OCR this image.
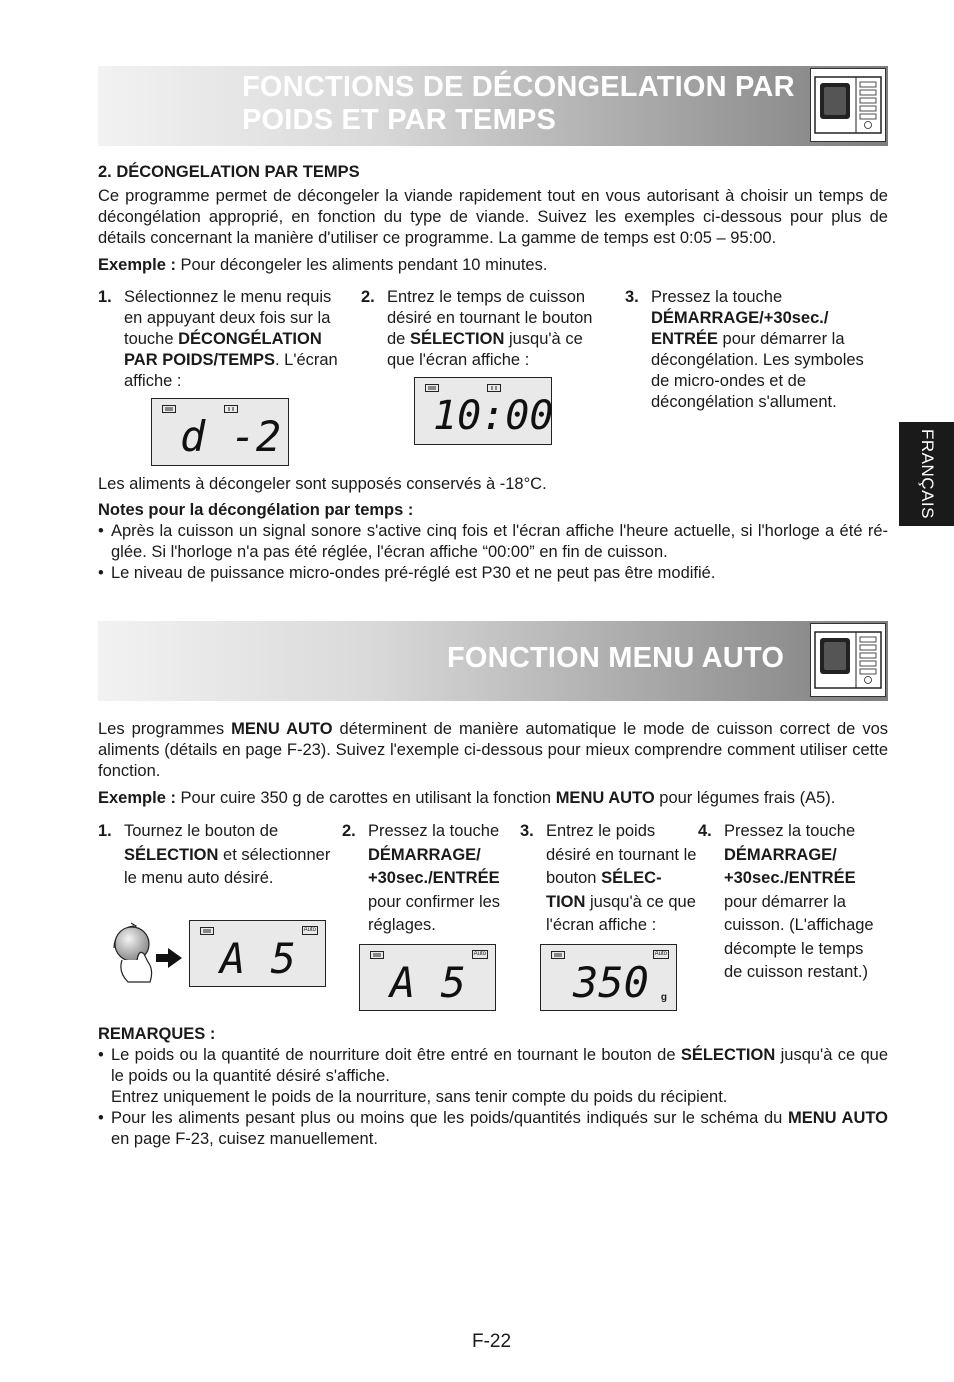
FONCTIONS DE DÉCONGELATION PAR
POIDS ET PAR TEMPS
2. DÉCONGELATION PAR TEMPS
Ce programme permet de décongeler la viande rapidement tout en vous autorisant à choisir un temps de décongélation approprié, en fonction du type de viande. Suivez les exemples ci-dessous pour plus de détails concernant la manière d'utiliser ce programme. La gamme de temps est 0:05 – 95:00.
Exemple : Pour décongeler les aliments pendant 10 minutes.
1. Sélectionnez le menu requis en appuyant deux fois sur la touche DÉCONGÉLATION PAR POIDS/TEMPS. L'écran affiche :
2. Entrez le temps de cuisson désiré en tournant le bouton de SÉLECTION jusqu'à ce que l'écran affiche :
3. Pressez la touche DÉMARRAGE/+30sec./ ENTRÉE pour démarrer la décongélation. Les symboles de micro-ondes et de décongélation s'allument.
d -2	10:00
Les aliments à décongeler sont supposés conservés à -18°C.
Notes pour la décongélation par temps :
• Après la cuisson un signal sonore s'active cinq fois et l'écran affiche l'heure actuelle, si l'horloge a été ré- glée. Si l'horloge n'a pas été réglée, l'écran affiche “00:00” en fin de cuisson.
• Le niveau de puissance micro-ondes pré-réglé est P30 et ne peut pas être modifié.
FONCTION MENU AUTO
Les programmes MENU AUTO déterminent de manière automatique le mode de cuisson correct de vos aliments (détails en page F-23). Suivez l'exemple ci-dessous pour mieux comprendre comment utiliser cette fonction.
Exemple : Pour cuire 350 g de carottes en utilisant la fonction MENU AUTO pour légumes frais (A5).
1. Tournez le bouton de SÉLECTION et sélectionner le menu auto désiré.
2. Pressez la touche DÉMARRAGE/ +30sec./ENTRÉE pour confirmer les réglages.
3. Entrez le poids désiré en tournant le bouton SÉLEC- TION jusqu'à ce que l'écran affiche :
4. Pressez la touche DÉMARRAGE/ +30sec./ENTRÉE pour démarrer la cuisson. (L'affichage décompte le temps de cuisson restant.)
Auto
A 5	Auto
A 5
Auto
350 g
REMARQUES :
• Le poids ou la quantité de nourriture doit être entré en tournant le bouton de SÉLECTION jusqu'à ce que le poids ou la quantité désiré s'affiche.
Entrez uniquement le poids de la nourriture, sans tenir compte du poids du récipient.
• Pour les aliments pesant plus ou moins que les poids/quantités indiqués sur le schéma du MENU AUTO en page F-23, cuisez manuellement.
FRANÇAIS
F-22
